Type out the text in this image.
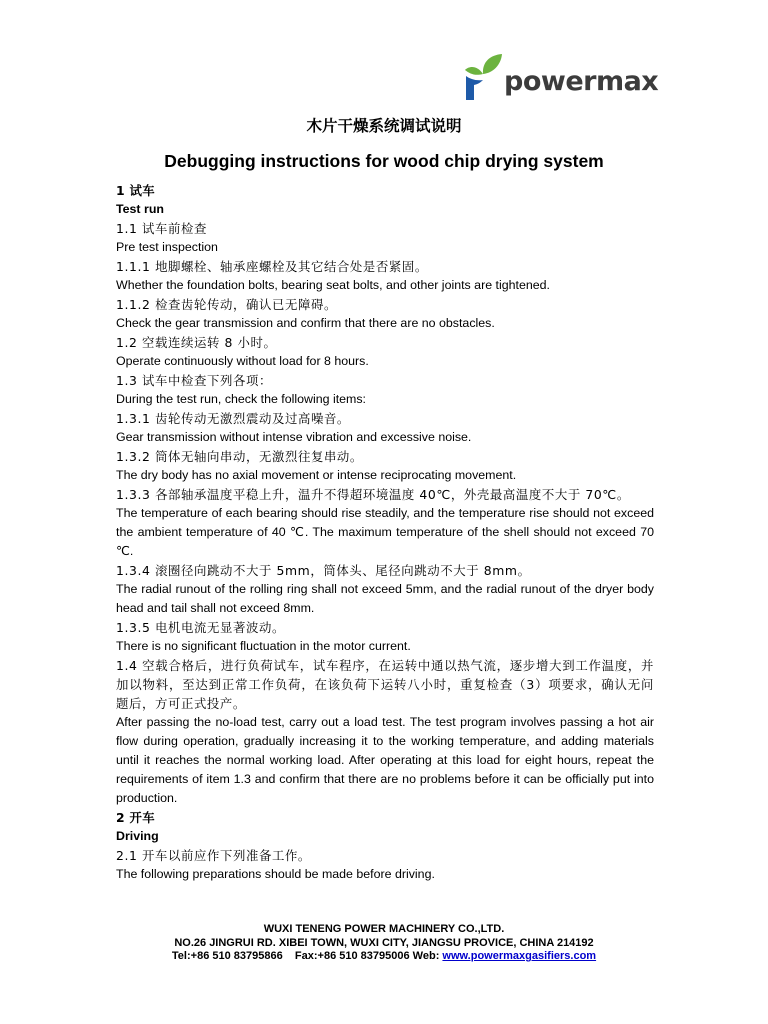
powermax
木片干燥系统调试说明
Debugging instructions for wood chip drying system

1 试车

Test run

1.1 试车前检查

Pre test inspection

1.1.1 地脚螺栓、轴承座螺栓及其它结合处是否紧固。

Whether the foundation bolts, bearing seat bolts, and other joints are tightened.

1.1.2 检查齿轮传动，确认已无障碍。

Check the gear transmission and confirm that there are no obstacles.

1.2 空载连续运转 8 小时。

Operate continuously without load for 8 hours.

1.3 试车中检查下列各项：

During the test run, check the following items:

1.3.1 齿轮传动无激烈震动及过高噪音。

Gear transmission without intense vibration and excessive noise.

1.3.2 筒体无轴向串动，无激烈往复串动。

The dry body has no axial movement or intense reciprocating movement.

1.3.3 各部轴承温度平稳上升，温升不得超环境温度 40℃，外壳最高温度不大于 70℃。

The temperature of each bearing should rise steadily, and the temperature rise should not exceed the ambient temperature of 40 ℃. The maximum temperature of the shell should not exceed 70 ℃.

1.3.4 滚圈径向跳动不大于 5mm，筒体头、尾径向跳动不大于 8mm。

The radial runout of the rolling ring shall not exceed 5mm, and the radial runout of the dryer body head and tail shall not exceed 8mm.

1.3.5 电机电流无显著波动。

There is no significant fluctuation in the motor current.

1.4 空载合格后，进行负荷试车，试车程序，在运转中通以热气流，逐步增大到工作温度，并加以物料，至达到正常工作负荷，在该负荷下运转八小时，重复检查（3）项要求，确认无问题后，方可正式投产。

After passing the no-load test, carry out a load test. The test program involves passing a hot air flow during operation, gradually increasing it to the working temperature, and adding materials until it reaches the normal working load. After operating at this load for eight hours, repeat the requirements of item 1.3 and confirm that there are no problems before it can be officially put into production.

2 开车

Driving

2.1 开车以前应作下列准备工作。

The following preparations should be made before driving.

WUXI TENENG POWER MACHINERY CO.,LTD.
NO.26 JINGRUI RD. XIBEI TOWN, WUXI CITY, JIANGSU PROVICE, CHINA 214192
Tel:+86 510 83795866    Fax:+86 510 83795006 Web: www.powermaxgasifiers.com
